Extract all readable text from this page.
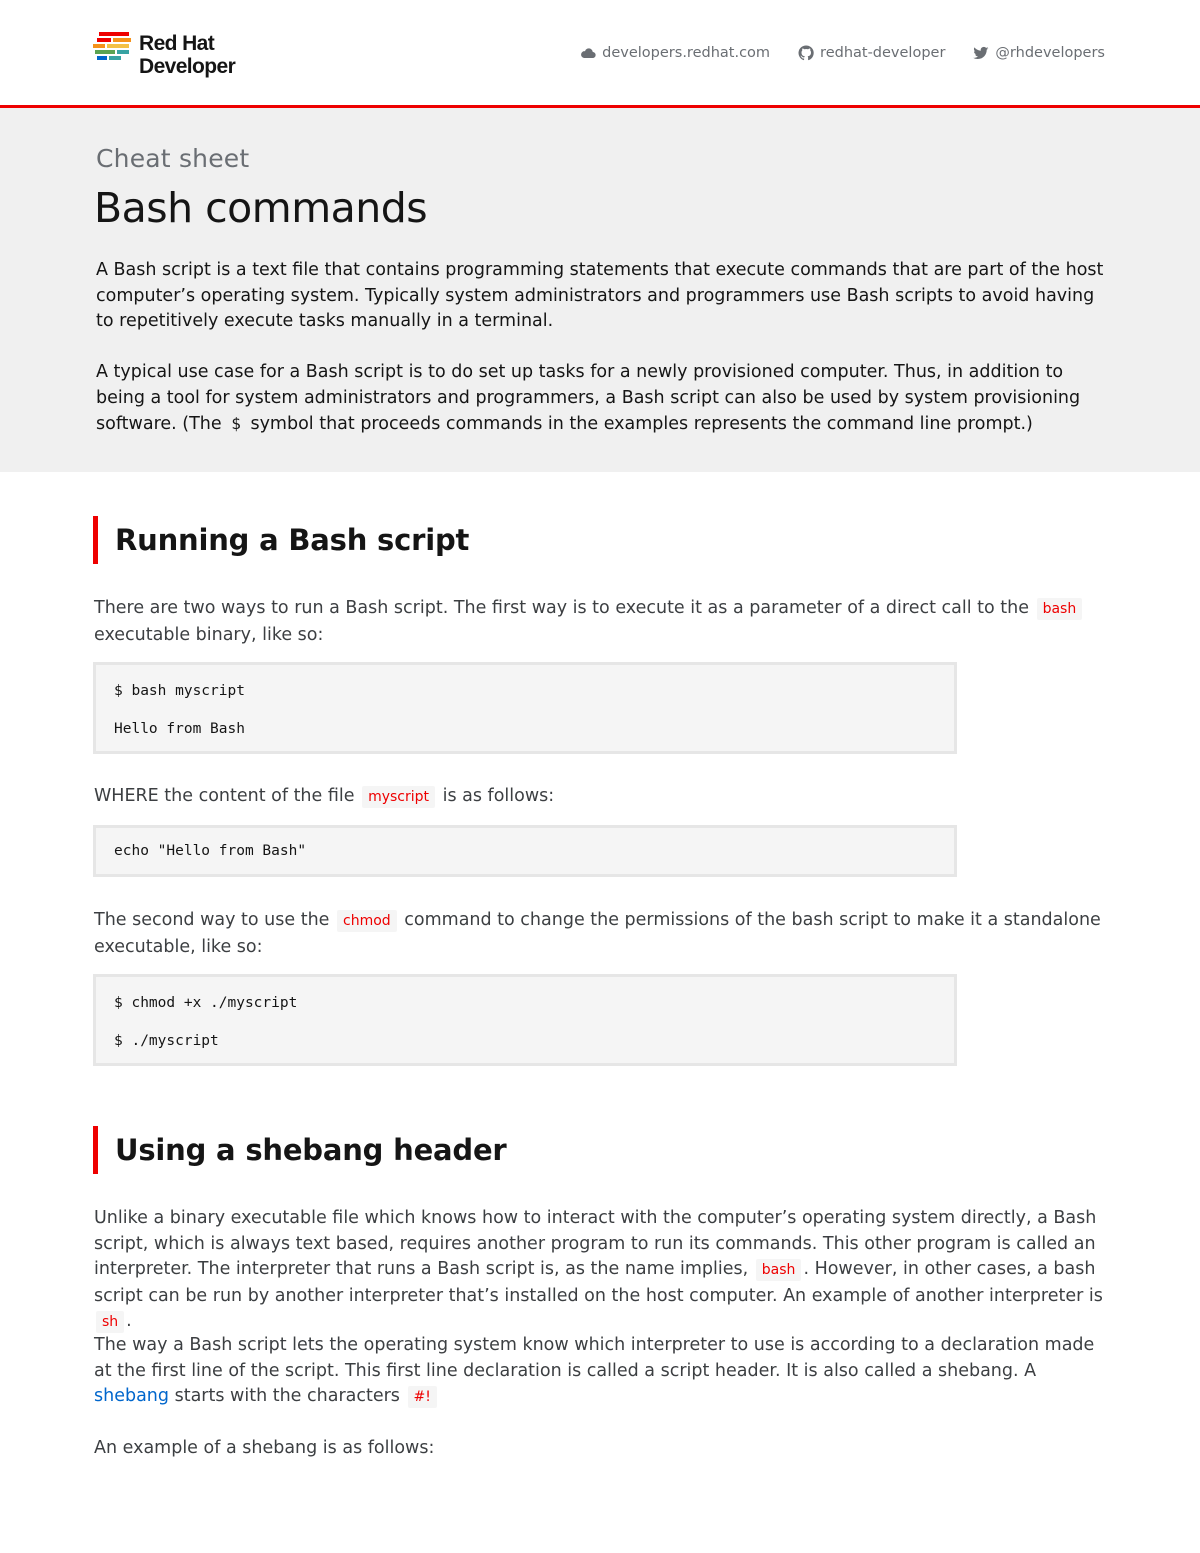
Red Hat
Developer
developers.redhat.com	redhat-developer	@rhdevelopers
Cheat sheet
Bash commands

A Bash script is a text file that contains programming statements that execute commands that are part of the host computer’s operating system. Typically system administrators and programmers use Bash scripts to avoid having to repetitively execute tasks manually in a terminal.

A typical use case for a Bash script is to do set up tasks for a newly provisioned computer. Thus, in addition to being a tool for system administrators and programmers, a Bash script can also be used by system provisioning software. (The $ symbol that proceeds commands in the examples represents the command line prompt.)

Running a Bash script

There are two ways to run a Bash script. The first way is to execute it as a parameter of a direct call to the bash executable binary, like so:

$ bash myscript
Hello from Bash

WHERE the content of the file myscript is as follows:

echo "Hello from Bash"

The second way to use the chmod command to change the permissions of the bash script to make it a standalone executable, like so:

$ chmod +x ./myscript
$ ./myscript
Using a shebang header

Unlike a binary executable file which knows how to interact with the computer’s operating system directly, a Bash script, which is always text based, requires another program to run its commands. This other program is called an interpreter. The interpreter that runs a Bash script is, as the name implies, bash . However, in other cases, a bash script can be run by another interpreter that’s installed on the host computer. An example of another interpreter is sh .

The way a Bash script lets the operating system know which interpreter to use is according to a declaration made at the first line of the script. This first line declaration is called a script header. It is also called a shebang. A shebang starts with the characters #!

An example of a shebang is as follows:
